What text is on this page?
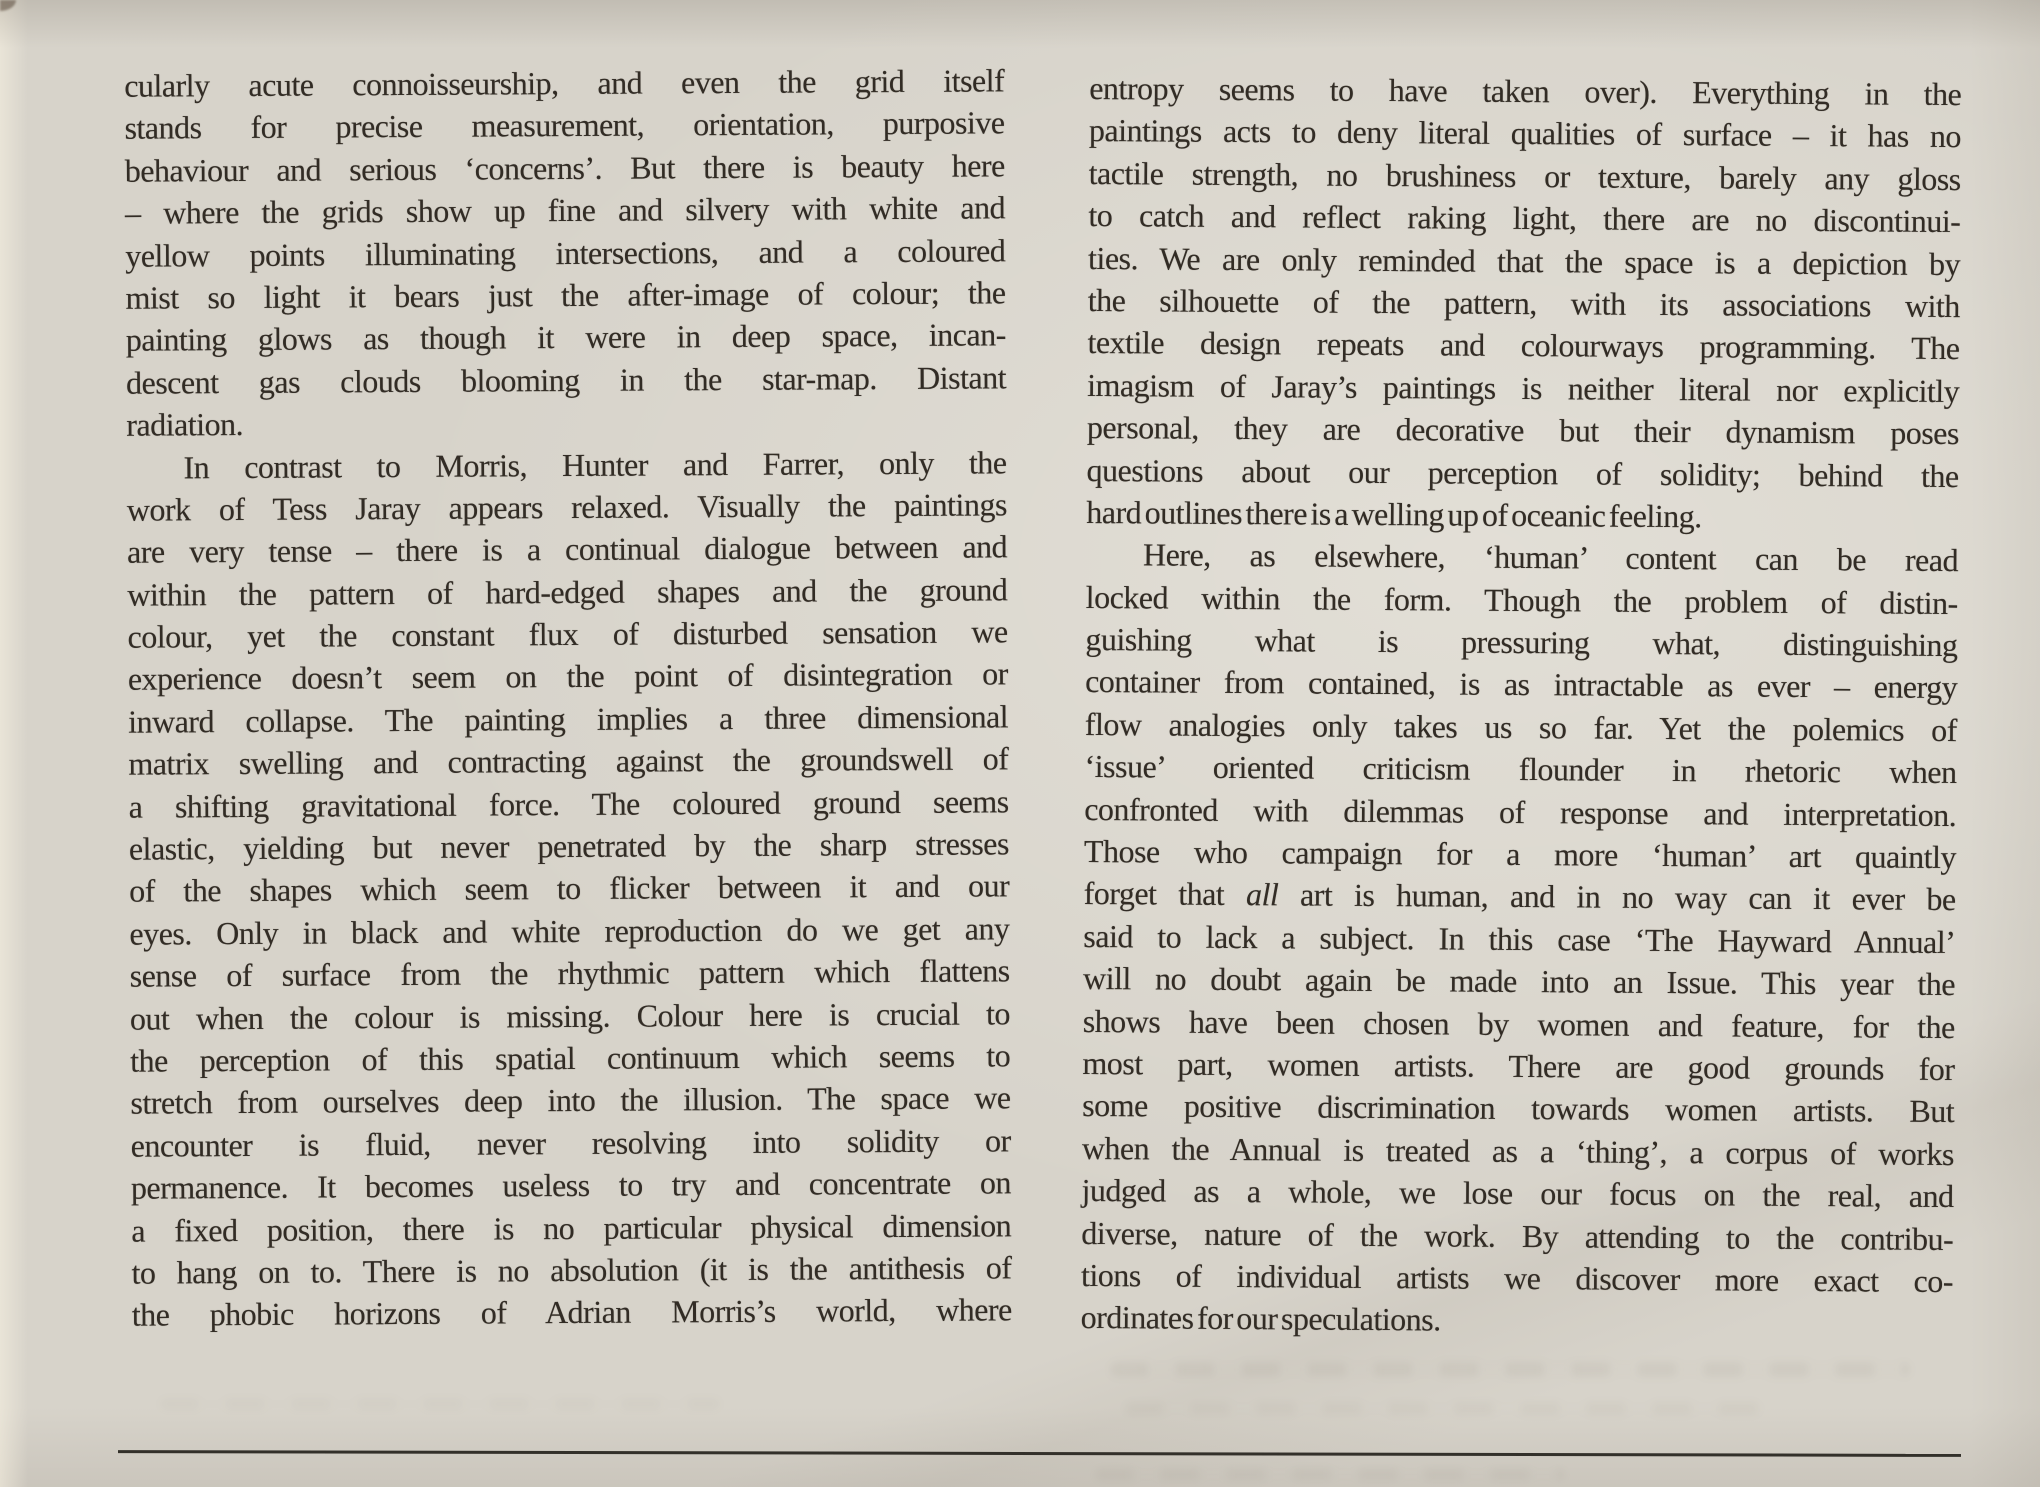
cularly acute connoisseurship, and even the grid itself
stands for precise measurement, orientation, purposive
behaviour and serious ‘concerns’. But there is beauty here
– where the grids show up fine and silvery with white and
yellow points illuminating intersections, and a coloured
mist so light it bears just the after-image of colour; the
painting glows as though it were in deep space, incan-
descent gas clouds blooming in the star-map. Distant
radiation.
In contrast to Morris, Hunter and Farrer, only the
work of Tess Jaray appears relaxed. Visually the paintings
are very tense – there is a continual dialogue between and
within the pattern of hard-edged shapes and the ground
colour, yet the constant flux of disturbed sensation we
experience doesn’t seem on the point of disintegration or
inward collapse. The painting implies a three dimensional
matrix swelling and contracting against the groundswell of
a shifting gravitational force. The coloured ground seems
elastic, yielding but never penetrated by the sharp stresses
of the shapes which seem to flicker between it and our
eyes. Only in black and white reproduction do we get any
sense of surface from the rhythmic pattern which flattens
out when the colour is missing. Colour here is crucial to
the perception of this spatial continuum which seems to
stretch from ourselves deep into the illusion. The space we
encounter is fluid, never resolving into solidity or
permanence. It becomes useless to try and concentrate on
a fixed position, there is no particular physical dimension
to hang on to. There is no absolution (it is the antithesis of
the phobic horizons of Adrian Morris’s world, where
entropy seems to have taken over). Everything in the
paintings acts to deny literal qualities of surface – it has no
tactile strength, no brushiness or texture, barely any gloss
to catch and reflect raking light, there are no discontinui-
ties. We are only reminded that the space is a depiction by
the silhouette of the pattern, with its associations with
textile design repeats and colourways programming. The
imagism of Jaray’s paintings is neither literal nor explicitly
personal, they are decorative but their dynamism poses
questions about our perception of solidity; behind the
hard outlines there is a welling up of oceanic feeling.
Here, as elsewhere, ‘human’ content can be read
locked within the form. Though the problem of distin-
guishing what is pressuring what, distinguishing
container from contained, is as intractable as ever – energy
flow analogies only takes us so far. Yet the polemics of
‘issue’ oriented criticism flounder in rhetoric when
confronted with dilemmas of response and interpretation.
Those who campaign for a more ‘human’ art quaintly
forget that all art is human, and in no way can it ever be
said to lack a subject. In this case ‘The Hayward Annual’
will no doubt again be made into an Issue. This year the
shows have been chosen by women and feature, for the
most part, women artists. There are good grounds for
some positive discrimination towards women artists. But
when the Annual is treated as a ‘thing’, a corpus of works
judged as a whole, we lose our focus on the real, and
diverse, nature of the work. By attending to the contribu-
tions of individual artists we discover more exact co-
ordinates for our speculations.
